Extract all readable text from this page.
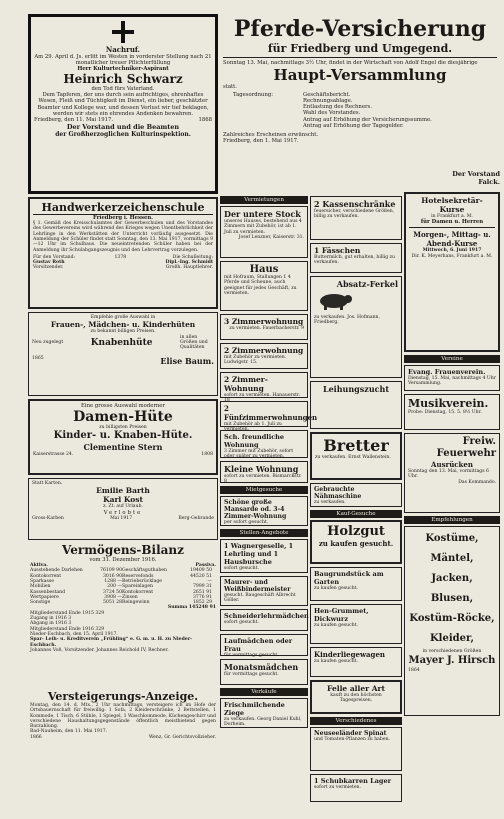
Nachruf.
Am 29. April d. Js. erlitt im Westen in vorderster Stellung nach 21 monatlicher treuer Pflichterfüllung
Herr Kulturtechniker-Aspirant
Heinrich Schwarz
den Tod fürs Vaterland.
Dem Tapferen, der uns durch sein aufrichtiges, ehrenhaftes Wesen, Fleiß und Tüchtigkeit im Dienst, ein lieber, geschätzter Beamter und Kollege war, und dessen Verlust wir tief beklagen, werden wir stets ein ehrendes Andenken bewahren.
Friedberg, den 11. Mai 1917.	1868
Der Vorstand und die Beamten
der Großherzoglichen Kulturinspektion.
Handwerkerzeichenschule
Friedberg i. Hessen.
§ 1. Gemäß des Kreisschulamtes der Gewerbeschulen und des Vorstandes des Gewerbevereins wird während des Krieges wegen Unentbehrlichkeit der Lehrlinge in den Werkstätten der Unterricht vorläufig ausgesetzt. Die Anmeldung der Schüler findet statt Sonntag, den 13. Mai 1917, vormittags 9—12 Uhr im Schulhaus. Die neueintretenden Schüler haben bei der Anmeldung ihr Schulabgangszeugnis und den Lehrvertrag vorzulegen.
Für den Vorstand:
Gustav Roth
Vorsitzender.
1378	Die Schulleitung:
Dipl.-Ing. Schmidt
Großh. Hauptlehrer.
Empfehle große Auswahl in
Frauen-, Mädchen- u. Kinderhüten
zu bekannt billigen Preisen.
Neu zugelegt	Knabenhüte
in allen Größen und Qualitäten
1865	Elise Baum.
Eine grosse Auswahl moderner
Damen-Hüte
zu billigsten Preisen
Kinder- u. Knaben-Hüte.
Clementine Stern
Kaiserstrasse 24.	1808
Statt Karten.
Emilie Barth
Karl Kost
z. Zt. auf Urlaub.
Verlobte
Gross-Karben	Mai 1917	Berg-Gebrande
Vermögens-Bilanz
vom 31. Dezember 1916.
Aktiva.	Passiva.
Ausstehende Darlehen	76109 90 Geschäftsguthaben	19409 50
Kontokorrent	3016 90 Reservefonds	44520 51
Sparkasse	1288 — Betriebsrücklage	—
Mobilien	200 — Spareinlagen	7999 31
Kassenbestand	3724 50 Kontokorrent	2651 91
Wertpapiere	3908 — Zinsen	3776 91
Sonstige	5051 28 Reingewinn	1852 29
Summa 145248 91
Mitgliederstand Ende 1915 329
Zugang in 1916 3
Abgang in 1916 3
Mitgliederstand Ende 1916 329
Nieder-Eschbach, den 15. April 1917.
Spar- Leih- u. Kreditverein „Frühling“ e. G. m. u. H. zu Nieder-Eschbach.
Johannes Voß, Vorsitzender. Johannes Reichold IV, Rechner.
Versteigerungs-Anzeige.
Montag, den 14. d. Mts., 2 Uhr nachmittags, versteigere ich im Hofe der Ortsbauernschaft für freiwillig: 1 Sofa, 2 Kleiderschränke, 2 Bettstellen, 1 Kommode, 1 Tisch, 6 Stühle, 1 Spiegel, 1 Waschkommode, Küchengeschirr und verschiedene Haushaltungsgegenstände öffentlich meistbietend gegen Barzahlung.
Bad-Nauheim, den 11. Mai 1917.
1866	Wenz, Gr. Gerichtsvollzieher.
Pferde-Versicherung
für Friedberg und Umgegend.
Sonntag 13. Mai, nachmittags 3½ Uhr, findet in der Wirtschaft von Adolf Engel die diesjährige
Haupt-Versammlung
statt.
Tagesordnung:	Geschäftsbericht.
Rechnungsablage.
Entlastung des Rechners.
Wahl des Vorstandes.
Antrag auf Erhöhung der Versicherungssumme.
Antrag auf Erhöhung der Tagegelder.
Zahlreiches Erscheinen erwünscht.
Friedberg, den 1. Mai 1917.
Vermietungen
Der untere Stock
unseres Hauses, bestehend aus 4 Zimmern mit Zubehör, ist ab 1. Juli zu vermieten.
Josef Lenzner, Kaiserstr. 31.
Haus
mit Hofraum, Stallungen f. 4 Pferde und Scheune, auch geeignet für jedes Geschäft, zu vermieten.
3 Zimmerwohnung
zu vermieten. Fauerbacherstr. 9
2 Zimmerwohnung
mit Zubehör zu vermieten. Ludwigstr. 15.
2 Zimmer-Wohnung
sofort zu vermieten. Hanauerstr. 18
2 Fünfzimmerwohnungen
mit Zubehör ab 1. Juli zu vermieten.
Sch. freundliche Wohnung
3 Zimmer mit Zubehör, sofort oder später zu vermieten.
Kleine Wohnung
sofort zu vermieten. Bismarckstr. 8
Mietgesuche
Schöne große Mansarde od. 3-4 Zimmer-Wohnung
per sofort gesucht.
Stellen-Angebote
1 Wagnergeselle, 1 Lehrling und 1 Hausbursche
sofort gesucht.
Maurer- und Weißbindermeister
gesucht. Baugeschäft Albrecht Göller.
Schneiderlehrmädchen
sofort gesucht.
Laufmädchen oder Frau
für vormittags gesucht.
Monatsmädchen
für vormittags gesucht.
Verkäufe
Frischmilchende Ziege
zu verkaufen. Georg Daniel Kuhl, Dorheim.
2 Kassenschränke
feuersicher, verschiedene Größen, billig zu verkaufen.
1 Fässchen
Buttermilch, gut erhalten, billig zu verkaufen.
Absatz-Ferkel
zu verkaufen. Jos. Hofmann, Friedberg.
Leihungszucht
Bretter
zu verkaufen. Ernst Wallenstein.
Gebrauchte Nähmaschine
zu verkaufen.
Kauf-Gesuche
Holzgut
zu kaufen gesucht.
Baugrundstück am Garten
zu kaufen gesucht.
Hen-Grummet, Dickwurz
zu kaufen gesucht.
Kinderliegewagen
zu kaufen gesucht.
Felle aller Art
kauft zu den höchsten Tagespreisen.
Verschiedenes
Neuseeländer Spinat
und Tomaten-Pflanzen zu haben.
1 Schubkarren Lager
sofort zu vermieten.
Der Vorstand
Falck.
Hotelsekretär-Kurse
in Frankfurt a. M.
für Damen u. Herren
Morgen-, Mittag- u. Abend-Kurse
Mittwoch, 6. Juni 1917
Dir. K. Meyerhans, Frankfurt a. M.
Vereine
Evang. Frauenverein.
Dienstag, 15. Mai, nachmittags 4 Uhr Versammlung.
Musikverein.
Probe: Dienstag, 15. 5. 8½ Uhr.
Freiw. Feuerwehr
Ausrücken
Sonntag den 13. Mai, vormittags 6 Uhr.
Das Kommando.
Empfehlungen
Kostüme,
Mäntel,
Jacken,
Blusen,
Kostüm-Röcke,
Kleider,
in verschiedenen Größen
Mayer J. Hirsch
1864
